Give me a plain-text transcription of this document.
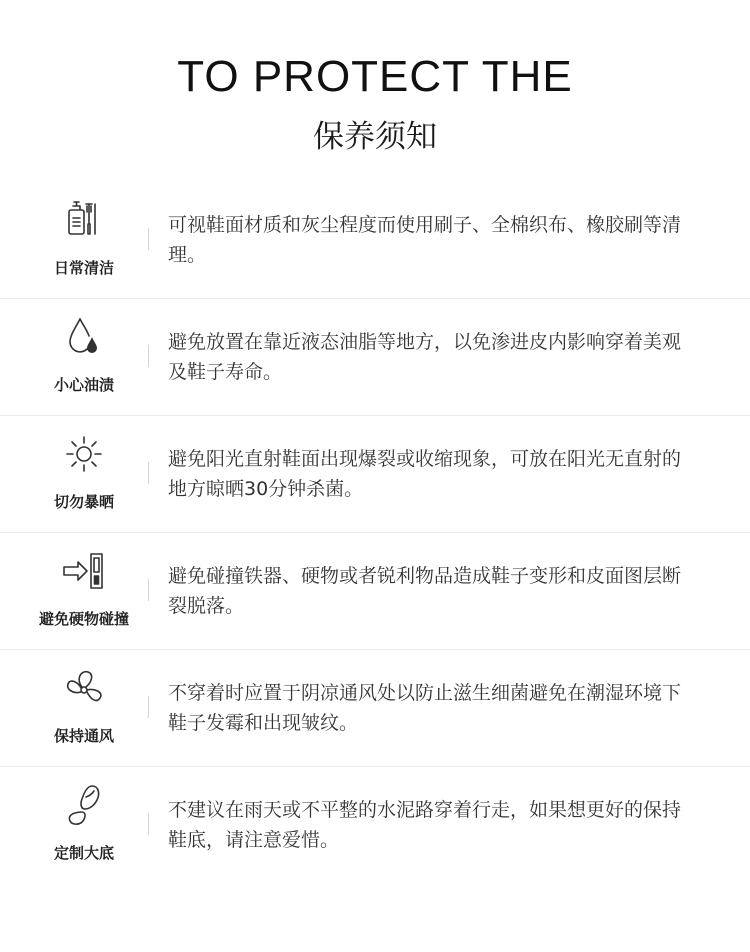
TO PROTECT THE
保养须知
日常清洁
可视鞋面材质和灰尘程度而使用刷子、全棉织布、橡胶刷等清理。
小心油渍
避免放置在靠近液态油脂等地方，以免渗进皮内影响穿着美观及鞋子寿命。
切勿暴晒
避免阳光直射鞋面出现爆裂或收缩现象，可放在阳光无直射的地方晾晒30分钟杀菌。
避免硬物碰撞
避免碰撞铁器、硬物或者锐利物品造成鞋子变形和皮面图层断裂脱落。
保持通风
不穿着时应置于阴凉通风处以防止滋生细菌避免在潮湿环境下鞋子发霉和出现皱纹。
定制大底
不建议在雨天或不平整的水泥路穿着行走，如果想更好的保持鞋底，请注意爱惜。
